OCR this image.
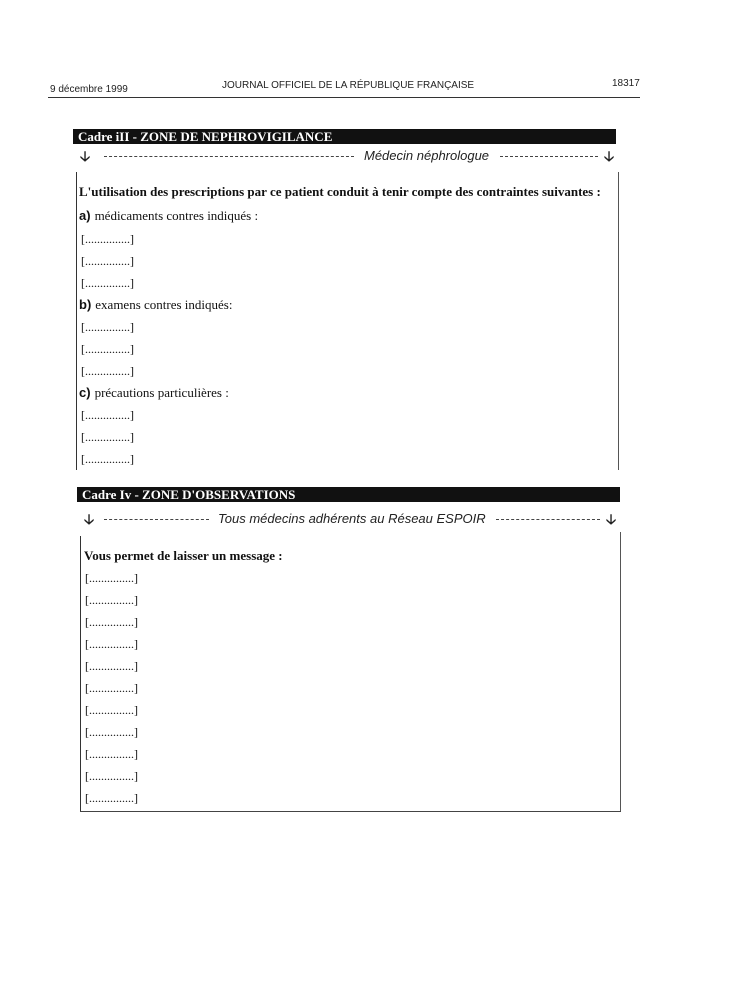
9 décembre 1999	JOURNAL OFFICIEL DE LA RÉPUBLIQUE FRANÇAISE	18317
Cadre iII - ZONE DE NEPHROVIGILANCE
🡣	Médecin néphrologue	🡣
L'utilisation des prescriptions par ce patient conduit à tenir compte des contraintes suivantes :
a) médicaments contres indiqués :
[...............]
[...............]
[...............]
b) examens contres indiqués:
[...............]
[...............]
[...............]
c) précautions particulières :
[...............]
[...............]
[...............]
Cadre Iv - ZONE D'OBSERVATIONS
🡣	Tous médecins adhérents au Réseau ESPOIR	🡣
Vous permet de laisser un message :
[...............]
[...............]
[...............]
[...............]
[...............]
[...............]
[...............]
[...............]
[...............]
[...............]
[...............]
